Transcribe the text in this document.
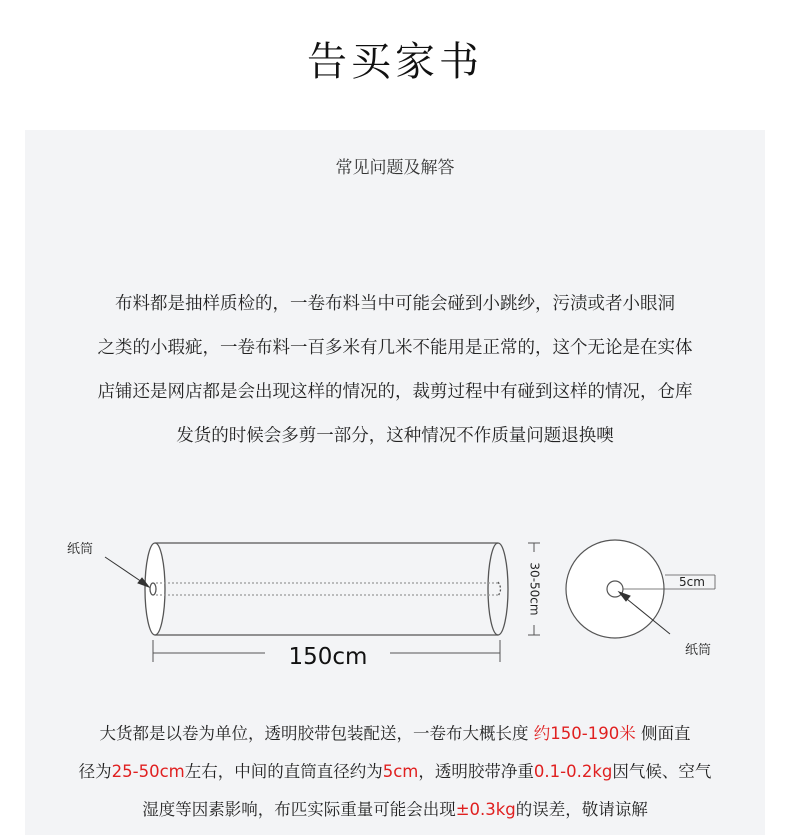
告买家书
常见问题及解答
布料都是抽样质检的，一卷布料当中可能会碰到小跳纱，污渍或者小眼洞
之类的小瑕疵，一卷布料一百多米有几米不能用是正常的，这个无论是在实体
店铺还是网店都是会出现这样的情况的，裁剪过程中有碰到这样的情况，仓库
发货的时候会多剪一部分，这种情况不作质量问题退换噢
纸筒
150cm
30-50cm	5cm
纸筒
大货都是以卷为单位，透明胶带包装配送，一卷布大概长度 约150-190米 侧面直
径为25-50cm左右，中间的直筒直径约为5cm，透明胶带净重0.1-0.2kg因气候、空气
湿度等因素影响，布匹实际重量可能会出现±0.3kg的误差，敬请谅解
